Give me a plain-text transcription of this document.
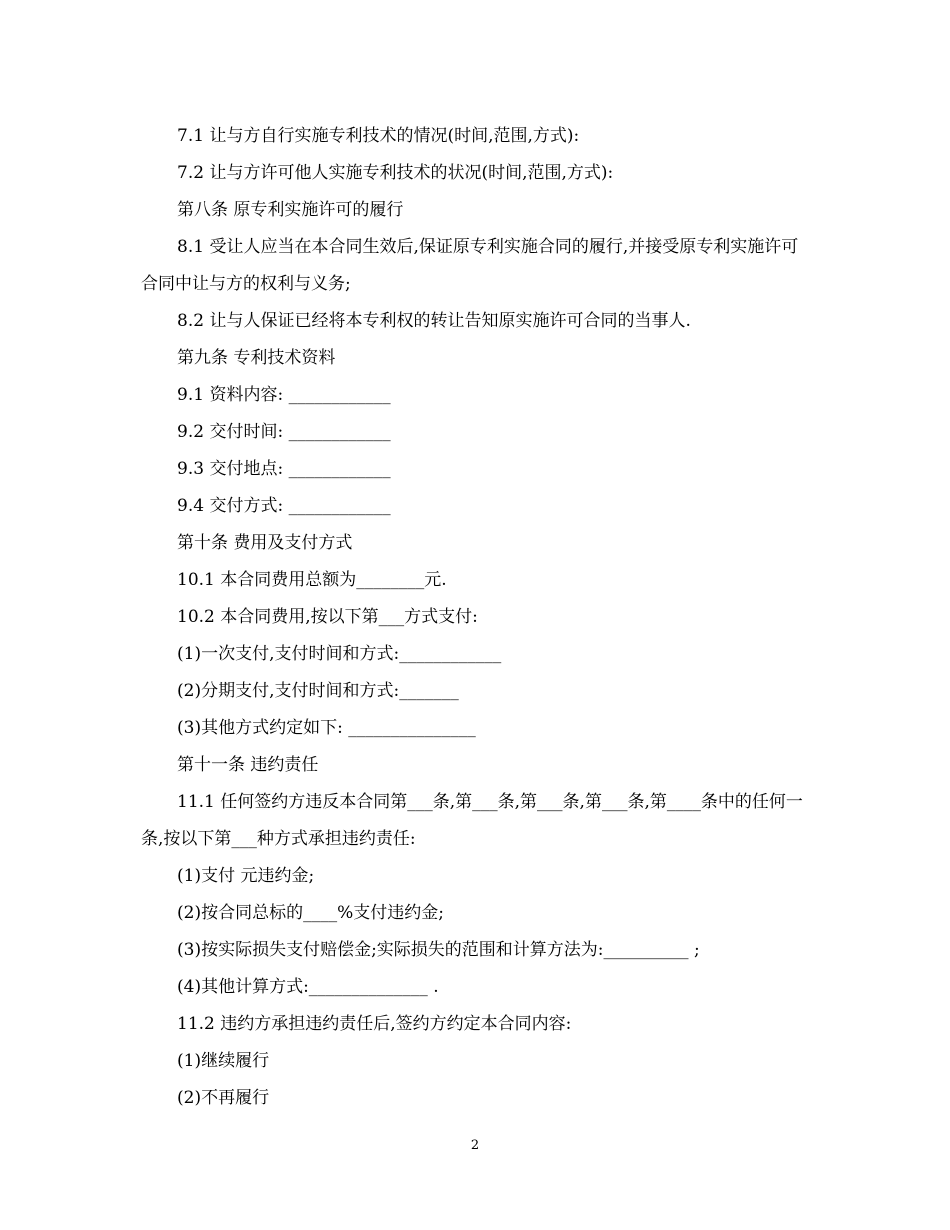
7.1 让与方自行实施专利技术的情况(时间,范围,方式):

7.2 让与方许可他人实施专利技术的状况(时间,范围,方式):

第八条 原专利实施许可的履行

8.1 受让人应当在本合同生效后,保证原专利实施合同的履行,并接受原专利实施许可合同中让与方的权利与义务;

8.2 让与人保证已经将本专利权的转让告知原实施许可合同的当事人.

第九条 专利技术资料

9.1 资料内容: ____________

9.2 交付时间: ____________

9.3 交付地点: ____________

9.4 交付方式: ____________

第十条 费用及支付方式

10.1 本合同费用总额为________元.

10.2 本合同费用,按以下第___方式支付:

(1)一次支付,支付时间和方式:____________

(2)分期支付,支付时间和方式:_______

(3)其他方式约定如下: _______________

第十一条 违约责任

11.1 任何签约方违反本合同第___条,第___条,第___条,第___条,第____条中的任何一条,按以下第___种方式承担违约责任:

(1)支付 元违约金;

(2)按合同总标的____%支付违约金;

(3)按实际损失支付赔偿金;实际损失的范围和计算方法为:__________ ;

(4)其他计算方式:______________ .

11.2 违约方承担违约责任后,签约方约定本合同内容:

(1)继续履行

(2)不再履行

2
